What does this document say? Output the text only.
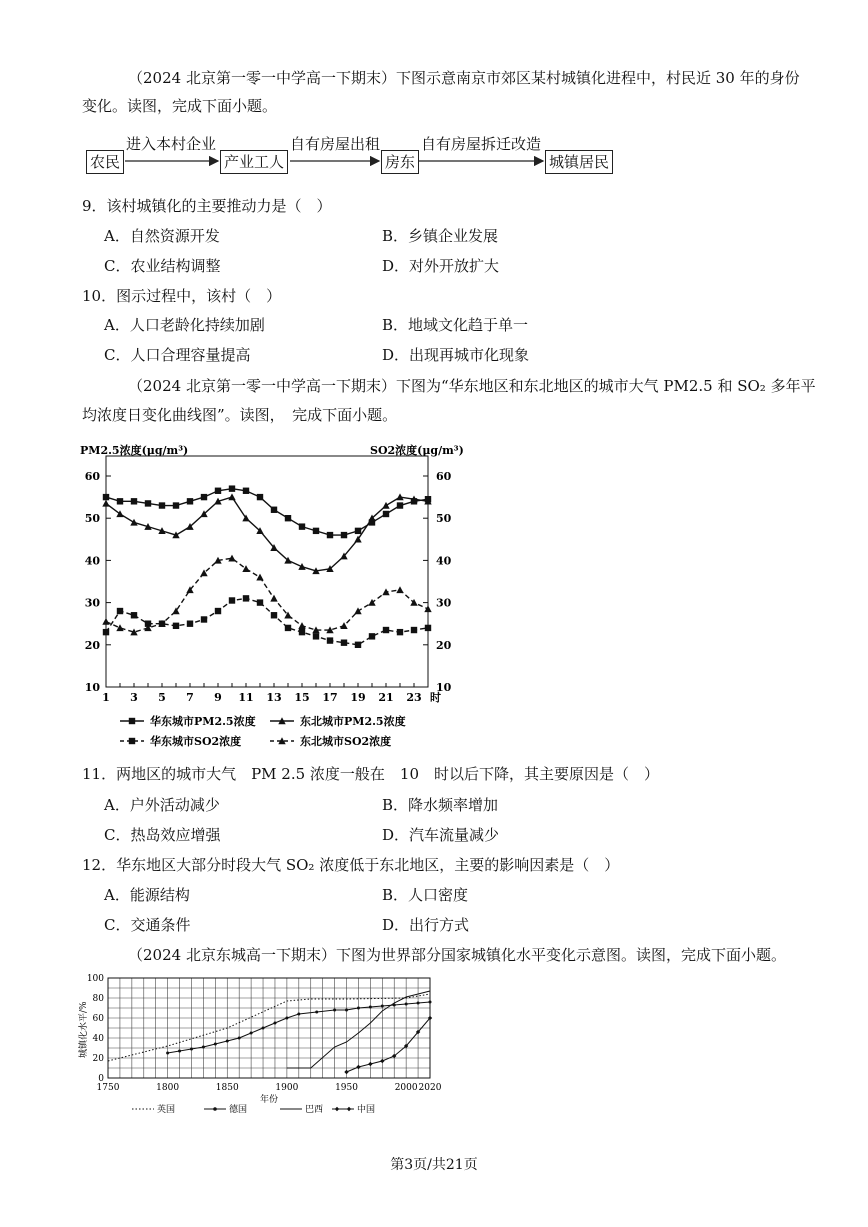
（2024 北京第一零一中学高一下期末）下图示意南京市郊区某村城镇化进程中，村民近 30 年的身份
变化。读图，完成下面小题。
农民	产业工人	房东	城镇居民
进入本村企业	自有房屋出租	自有房屋拆迁改造
9．该村城镇化的主要推动力是（　）
A．自然资源开发	B．乡镇企业发展
C．农业结构调整	D．对外开放扩大
10．图示过程中，该村（　）
A．人口老龄化持续加剧	B．地域文化趋于单一
C．人口合理容量提高	D．出现再城市化现象
（2024 北京第一零一中学高一下期末）下图为“华东地区和东北地区的城市大气 PM2.5 和 SO₂ 多年平
均浓度日变化曲线图”。读图，　完成下面小题。
PM2.5浓度(μg/m³)	SO2浓度(μg/m³)
10	10
20	20
30	30
40	40
50	50
60	60
1 3 5 7 9 11 13 15 17 19 21 23 时
华东城市PM2.5浓度	东北城市PM2.5浓度
华东城市SO2浓度	东北城市SO2浓度
11．两地区的城市大气　PM 2.5 浓度一般在　10　时以后下降，其主要原因是（　）
A．户外活动减少	B．降水频率增加
C．热岛效应增强	D．汽车流量减少
12．华东地区大部分时段大气 SO₂ 浓度低于东北地区，主要的影响因素是（　）
A．能源结构	B．人口密度
C．交通条件	D．出行方式
（2024 北京东城高一下期末）下图为世界部分国家城镇化水平变化示意图。读图，完成下面小题。
0
20
40
60
80
100
1750	1800	1850	1900	1950	2000 2020
年份
城镇化水平/%
英国	德国	巴西	中国
第3页/共21页
